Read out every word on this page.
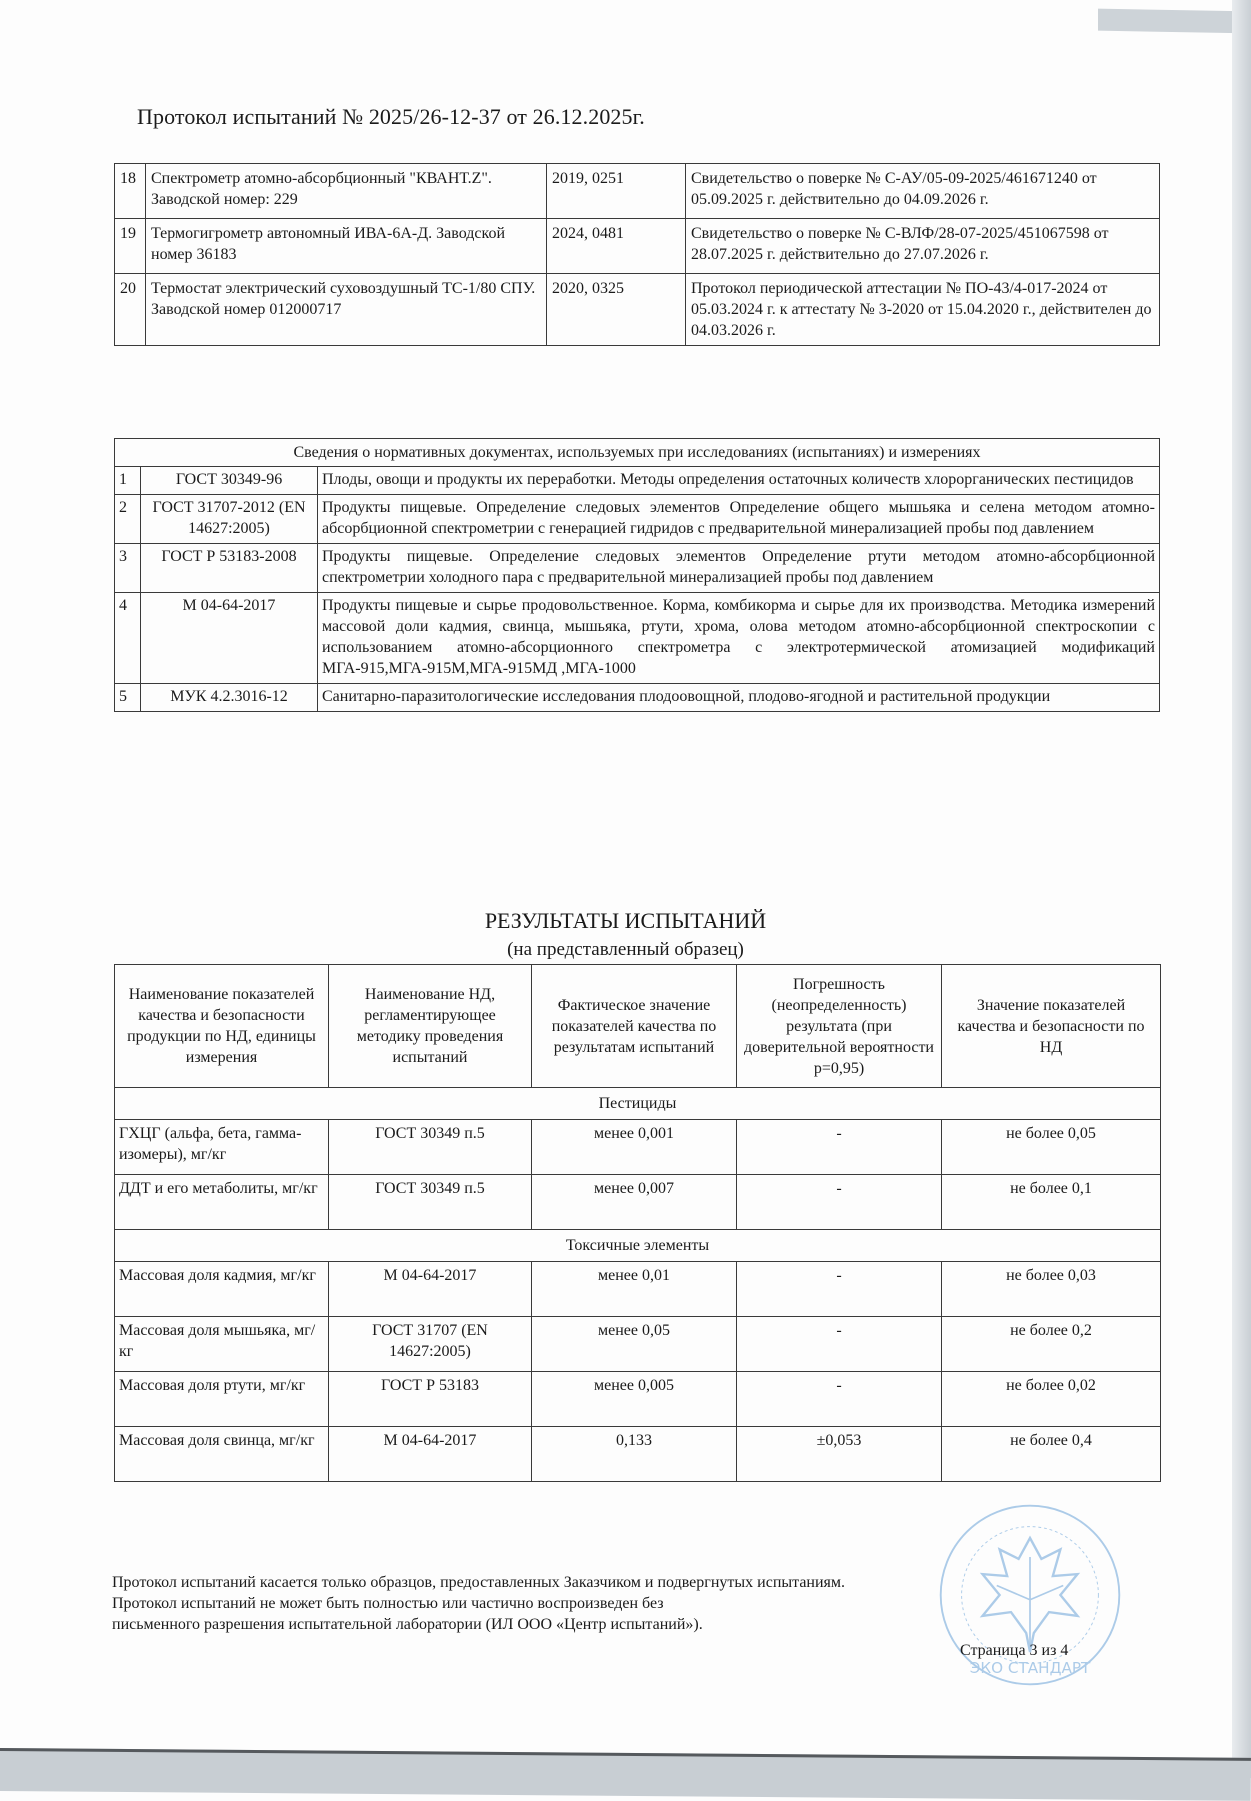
Протокол испытаний № 2025/26-12-37 от 26.12.2025г.
18	Спектрометр атомно-абсорбционный "КВАНТ.Z". Заводской номер: 229	2019, 0251	Свидетельство о поверке № С-АУ/05-09-2025/461671240 от 05.09.2025 г. действительно до 04.09.2026 г.
19	Термогигрометр автономный ИВА-6А-Д. Заводской номер 36183	2024, 0481	Свидетельство о поверке № С-ВЛФ/28-07-2025/451067598 от 28.07.2025 г. действительно до 27.07.2026 г.
20	Термостат электрический суховоздушный ТС-1/80 СПУ. Заводской номер 012000717	2020, 0325	Протокол периодической аттестации № ПО-43/4-017-2024 от 05.03.2024 г. к аттестату № 3-2020 от 15.04.2020 г., действителен до 04.03.2026 г.
Сведения о нормативных документах, используемых при исследованиях (испытаниях) и измерениях		
1	ГОСТ 30349-96	Плоды, овощи и продукты их переработки. Методы определения остаточных количеств хлорорганических пестицидов
2	ГОСТ 31707-2012 (EN 14627:2005)	Продукты пищевые. Определение следовых элементов Определение общего мышьяка и селена методом атомно-абсорбционной спектрометрии с генерацией гидридов с предварительной минерализацией пробы под давлением
3	ГОСТ Р 53183-2008	Продукты пищевые. Определение следовых элементов Определение ртути методом атомно-абсорбционной спектрометрии холодного пара с предварительной минерализацией пробы под давлением
4	М 04-64-2017	Продукты пищевые и сырье продовольственное. Корма, комбикорма и сырье для их производства. Методика измерений массовой доли кадмия, свинца, мышьяка, ртути, хрома, олова методом атомно-абсорбционной спектроскопии с использованием атомно-абсорционного спектрометра с электротермической атомизацией модификаций МГА-915,МГА-915М,МГА-915МД ,МГА-1000
5	МУК 4.2.3016-12	Санитарно-паразитологические исследования плодоовощной, плодово-ягодной и растительной продукции
РЕЗУЛЬТАТЫ ИСПЫТАНИЙ
(на представленный образец)
Наименование показателей качества и безопасности продукции по НД, единицы измерения	Наименование НД, регламентирующее методику проведения испытаний	Фактическое значение показателей качества по результатам испытаний	Погрешность (неопределенность) результата (при доверительной вероятности р=0,95)	Значение показателей качества и безопасности по НД
Пестициды				
ГХЦГ (альфа, бета, гамма-изомеры), мг/кг	ГОСТ 30349 п.5	менее 0,001	-	не более 0,05
ДДТ и его метаболиты, мг/кг	ГОСТ 30349 п.5	менее 0,007	-	не более 0,1
Токсичные элементы				
Массовая доля кадмия, мг/кг	М 04-64-2017	менее 0,01	-	не более 0,03
Массовая доля мышьяка, мг/кг	ГОСТ 31707 (EN 14627:2005)	менее 0,05	-	не более 0,2
Массовая доля ртути, мг/кг	ГОСТ Р 53183	менее 0,005	-	не более 0,02
Массовая доля свинца, мг/кг	М 04-64-2017	0,133	±0,053	не более 0,4
Протокол испытаний касается только образцов, предоставленных Заказчиком и подвергнутых испытаниям.
Протокол испытаний не может быть полностью или частично воспроизведен без
письменного разрешения испытательной лаборатории (ИЛ ООО «Центр испытаний»).
ЭКО СТАНДАРТ
Страница 3 из 4
